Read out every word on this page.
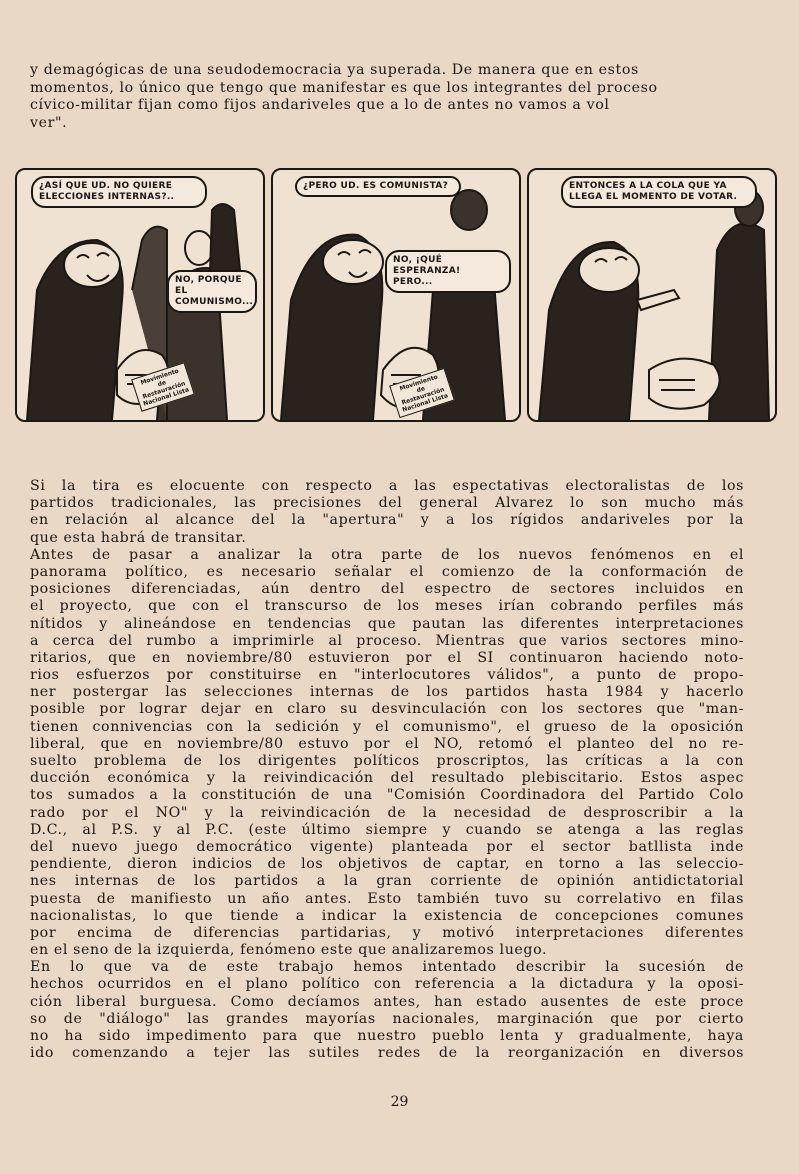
y demagógicas de una seudodemocracia ya superada. De manera que en estos
momentos, lo único que tengo que manifestar es que los integrantes del proceso
cívico-militar fijan como fijos andariveles que a lo de antes no vamos a vol
ver".
¿ASÍ QUE UD. NO QUIERE ELECCIONES INTERNAS?..
NO, PORQUE EL COMUNISMO...
Movimiento de Restauración Nacional Lista
¿PERO UD. ES COMUNISTA?
NO, ¡QUÉ ESPERANZA! PERO...
Movimiento de Restauración Nacional Lista
ENTONCES A LA COLA QUE YA LLEGA EL MOMENTO DE VOTAR.
Si la tira es elocuente con respecto a las espectativas electoralistas de los
partidos tradicionales, las precisiones del general Alvarez lo son mucho más
en relación al alcance del la "apertura" y a los rígidos andariveles por la
que esta habrá de transitar.
Antes de pasar a analizar la otra parte de los nuevos fenómenos en el
panorama político, es necesario señalar el comienzo de la conformación de
posiciones diferenciadas, aún dentro del espectro de sectores incluidos en
el proyecto, que con el transcurso de los meses irían cobrando perfiles más
nítidos y alineándose en tendencias que pautan las diferentes interpretaciones
a cerca del rumbo a imprimirle al proceso. Mientras que varios sectores mino-
ritarios, que en noviembre/80 estuvieron por el SI continuaron haciendo noto-
rios esfuerzos por constituirse en "interlocutores válidos", a punto de propo-
ner postergar las selecciones internas de los partidos hasta 1984 y hacerlo
posible por lograr dejar en claro su desvinculación con los sectores que "man-
tienen connivencias con la sedición y el comunismo", el grueso de la oposición
liberal, que en noviembre/80 estuvo por el NO, retomó el planteo del no re-
suelto problema de los dirigentes políticos proscriptos, las críticas a la con
ducción económica y la reivindicación del resultado plebiscitario. Estos aspec
tos sumados a la constitución de una "Comisión Coordinadora del Partido Colo
rado por el NO" y la reivindicación de la necesidad de desproscribir a la
D.C., al P.S. y al P.C. (este último siempre y cuando se atenga a las reglas
del nuevo juego democrático vigente) planteada por el sector batllista inde
pendiente, dieron indicios de los objetivos de captar, en torno a las seleccio-
nes internas de los partidos a la gran corriente de opinión antidictatorial
puesta de manifiesto un año antes. Esto también tuvo su correlativo en filas
nacionalistas, lo que tiende a indicar la existencia de concepciones comunes
por encima de diferencias partidarias, y motivó interpretaciones diferentes
en el seno de la izquierda, fenómeno este que analizaremos luego.
En lo que va de este trabajo hemos intentado describir la sucesión de
hechos ocurridos en el plano político con referencia a la dictadura y la oposi-
ción liberal burguesa. Como decíamos antes, han estado ausentes de este proce
so de "diálogo" las grandes mayorías nacionales, marginación que por cierto
no ha sido impedimento para que nuestro pueblo lenta y gradualmente, haya
ido comenzando a tejer las sutiles redes de la reorganización en diversos
29
